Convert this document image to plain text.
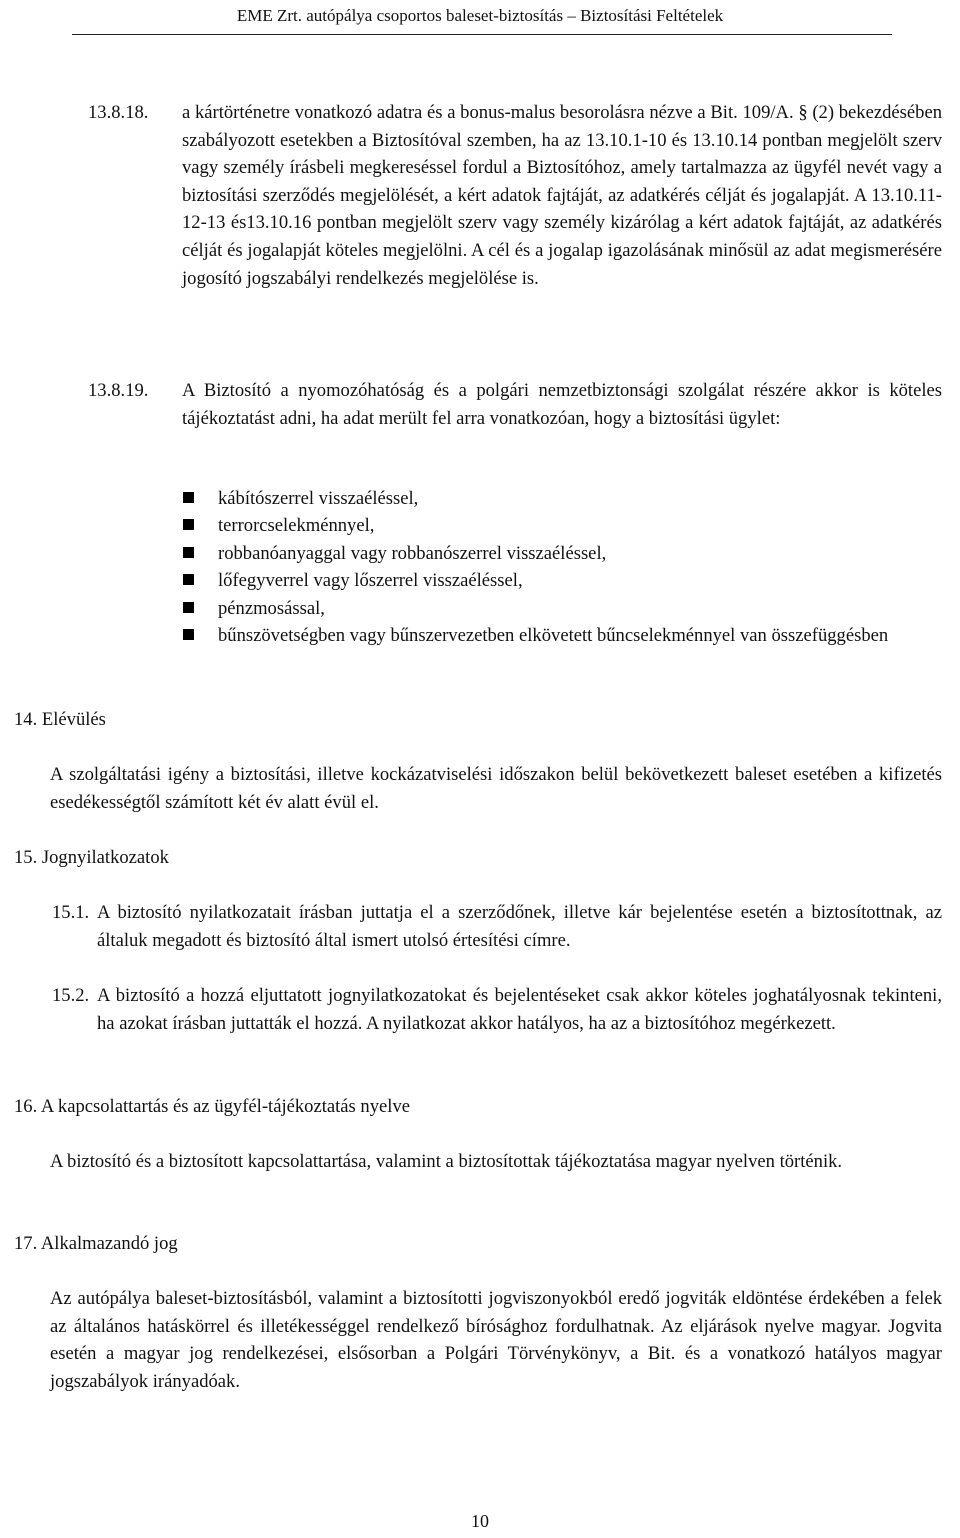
EME Zrt. autópálya csoportos baleset-biztosítás – Biztosítási Feltételek
13.8.18. a kártörténetre vonatkozó adatra és a bonus-malus besorolásra nézve a Bit. 109/A. § (2) bekezdésében szabályozott esetekben a Biztosítóval szemben, ha az 13.10.1-10 és 13.10.14 pontban megjelölt szerv vagy személy írásbeli megkereséssel fordul a Biztosítóhoz, amely tartalmazza az ügyfél nevét vagy a biztosítási szerződés megjelölését, a kért adatok fajtáját, az adatkérés célját és jogalapját. A 13.10.11-12-13 és13.10.16 pontban megjelölt szerv vagy személy kizárólag a kért adatok fajtáját, az adatkérés célját és jogalapját köteles megjelölni. A cél és a jogalap igazolásának minősül az adat megismerésére jogosító jogszabályi rendelkezés megjelölése is.
13.8.19. A Biztosító a nyomozóhatóság és a polgári nemzetbiztonsági szolgálat részére akkor is köteles tájékoztatást adni, ha adat merült fel arra vonatkozóan, hogy a biztosítási ügylet:
kábítószerrel visszaéléssel,
terrorcselekménnyel,
robbanóanyaggal vagy robbanószerrel visszaéléssel,
lőfegyverrel vagy lőszerrel visszaéléssel,
pénzmosással,
bűnszövetségben vagy bűnszervezetben elkövetett bűncselekménnyel van összefüggésben
14. Elévülés
A szolgáltatási igény a biztosítási, illetve kockázatviselési időszakon belül bekövetkezett baleset esetében a kifizetés esedékességtől számított két év alatt évül el.
15. Jognyilatkozatok
15.1. A biztosító nyilatkozatait írásban juttatja el a szerződőnek, illetve kár bejelentése esetén a biztosítottnak, az általuk megadott és biztosító által ismert utolsó értesítési címre.
15.2. A biztosító a hozzá eljuttatott jognyilatkozatokat és bejelentéseket csak akkor köteles joghatályosnak tekinteni, ha azokat írásban juttatták el hozzá. A nyilatkozat akkor hatályos, ha az a biztosítóhoz megérkezett.
16. A kapcsolattartás és az ügyfél-tájékoztatás nyelve
A biztosító és a biztosított kapcsolattartása, valamint a biztosítottak tájékoztatása magyar nyelven történik.
17. Alkalmazandó jog
Az autópálya baleset-biztosításból, valamint a biztosítotti jogviszonyokból eredő jogviták eldöntése érdekében a felek az általános hatáskörrel és illetékességgel rendelkező bírósághoz fordulhatnak. Az eljárások nyelve magyar. Jogvita esetén a magyar jog rendelkezései, elsősorban a Polgári Törvénykönyv, a Bit. és a vonatkozó hatályos magyar jogszabályok irányadóak.
10
